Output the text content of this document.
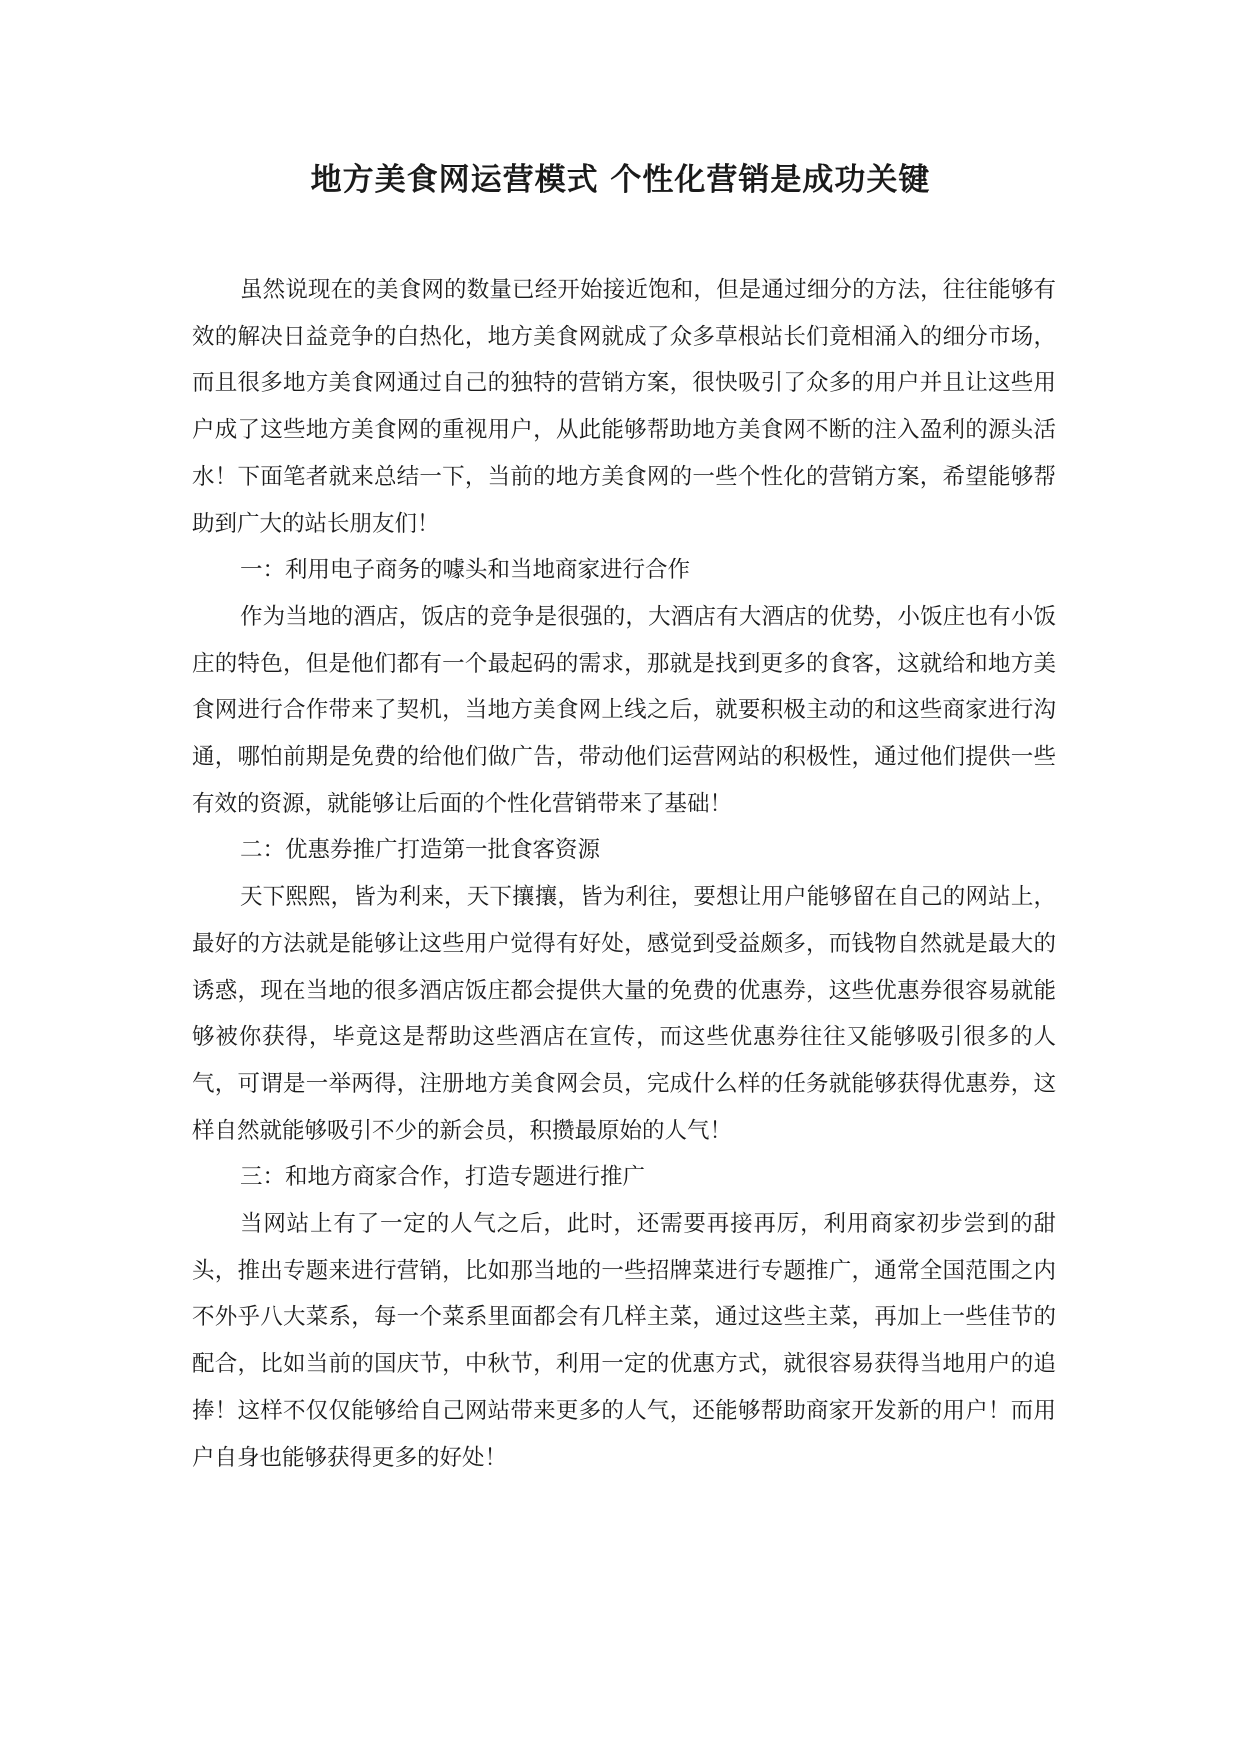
地方美食网运营模式 个性化营销是成功关键

虽然说现在的美食网的数量已经开始接近饱和，但是通过细分的方法，往往能够有效的解决日益竞争的白热化，地方美食网就成了众多草根站长们竟相涌入的细分市场，而且很多地方美食网通过自己的独特的营销方案，很快吸引了众多的用户并且让这些用户成了这些地方美食网的重视用户，从此能够帮助地方美食网不断的注入盈利的源头活水！下面笔者就来总结一下，当前的地方美食网的一些个性化的营销方案，希望能够帮助到广大的站长朋友们！

一：利用电子商务的噱头和当地商家进行合作

作为当地的酒店，饭店的竞争是很强的，大酒店有大酒店的优势，小饭庄也有小饭庄的特色，但是他们都有一个最起码的需求，那就是找到更多的食客，这就给和地方美食网进行合作带来了契机，当地方美食网上线之后，就要积极主动的和这些商家进行沟通，哪怕前期是免费的给他们做广告，带动他们运营网站的积极性，通过他们提供一些有效的资源，就能够让后面的个性化营销带来了基础！

二：优惠券推广打造第一批食客资源

天下熙熙，皆为利来，天下攘攘，皆为利往，要想让用户能够留在自己的网站上，最好的方法就是能够让这些用户觉得有好处，感觉到受益颇多，而钱物自然就是最大的诱惑，现在当地的很多酒店饭庄都会提供大量的免费的优惠券，这些优惠券很容易就能够被你获得，毕竟这是帮助这些酒店在宣传，而这些优惠券往往又能够吸引很多的人气，可谓是一举两得，注册地方美食网会员，完成什么样的任务就能够获得优惠券，这样自然就能够吸引不少的新会员，积攒最原始的人气！

三：和地方商家合作，打造专题进行推广

当网站上有了一定的人气之后，此时，还需要再接再厉，利用商家初步尝到的甜头，推出专题来进行营销，比如那当地的一些招牌菜进行专题推广，通常全国范围之内不外乎八大菜系，每一个菜系里面都会有几样主菜，通过这些主菜，再加上一些佳节的配合，比如当前的国庆节，中秋节，利用一定的优惠方式，就很容易获得当地用户的追捧！这样不仅仅能够给自己网站带来更多的人气，还能够帮助商家开发新的用户！而用户自身也能够获得更多的好处！
